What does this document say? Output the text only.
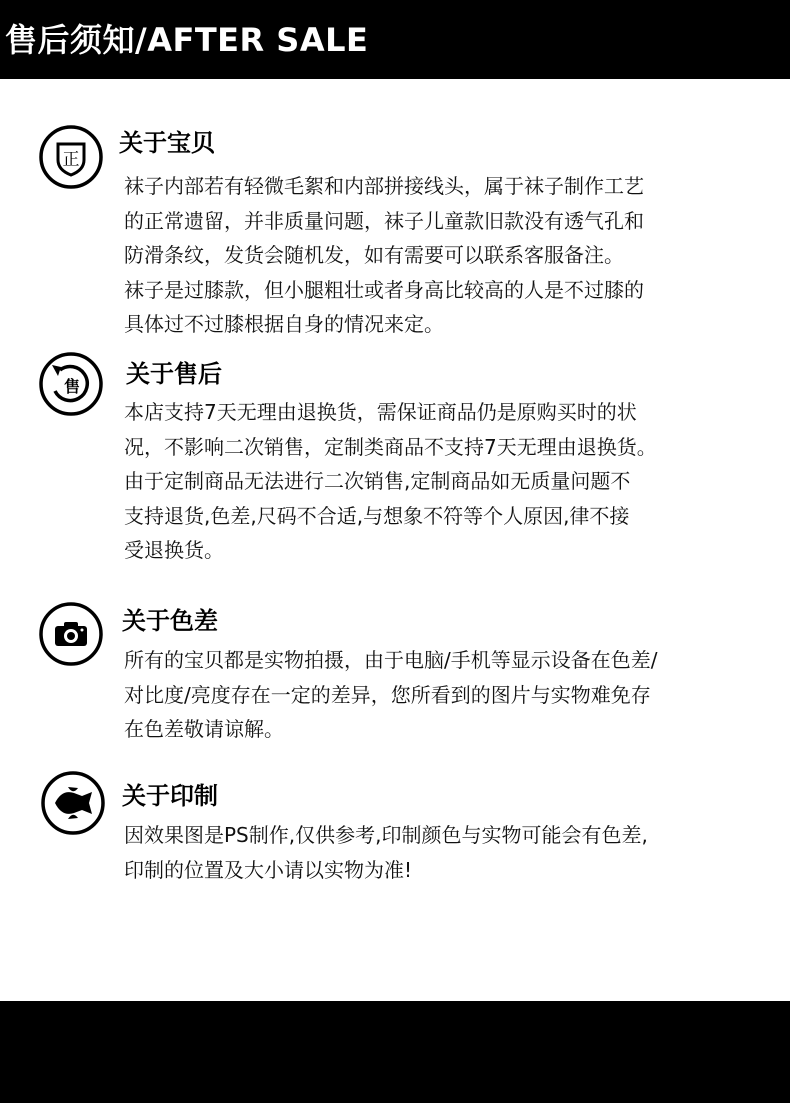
售后须知/AFTER SALE
正
关于宝贝
袜子内部若有轻微毛絮和内部拼接线头，属于袜子制作工艺
的正常遗留，并非质量问题，袜子儿童款旧款没有透气孔和
防滑条纹，发货会随机发，如有需要可以联系客服备注。
袜子是过膝款，但小腿粗壮或者身高比较高的人是不过膝的
具体过不过膝根据自身的情况来定。
售 关于售后
本店支持7天无理由退换货，需保证商品仍是原购买时的状
况，不影响二次销售，定制类商品不支持7天无理由退换货。
由于定制商品无法进行二次销售,定制商品如无质量问题不
支持退货,色差,尺码不合适,与想象不符等个人原因,律不接
受退换货。
关于色差
所有的宝贝都是实物拍摄，由于电脑/手机等显示设备在色差/
对比度/亮度存在一定的差异，您所看到的图片与实物难免存
在色差敬请谅解。
关于印制
因效果图是PS制作,仅供参考,印制颜色与实物可能会有色差,
印制的位置及大小请以实物为准!
